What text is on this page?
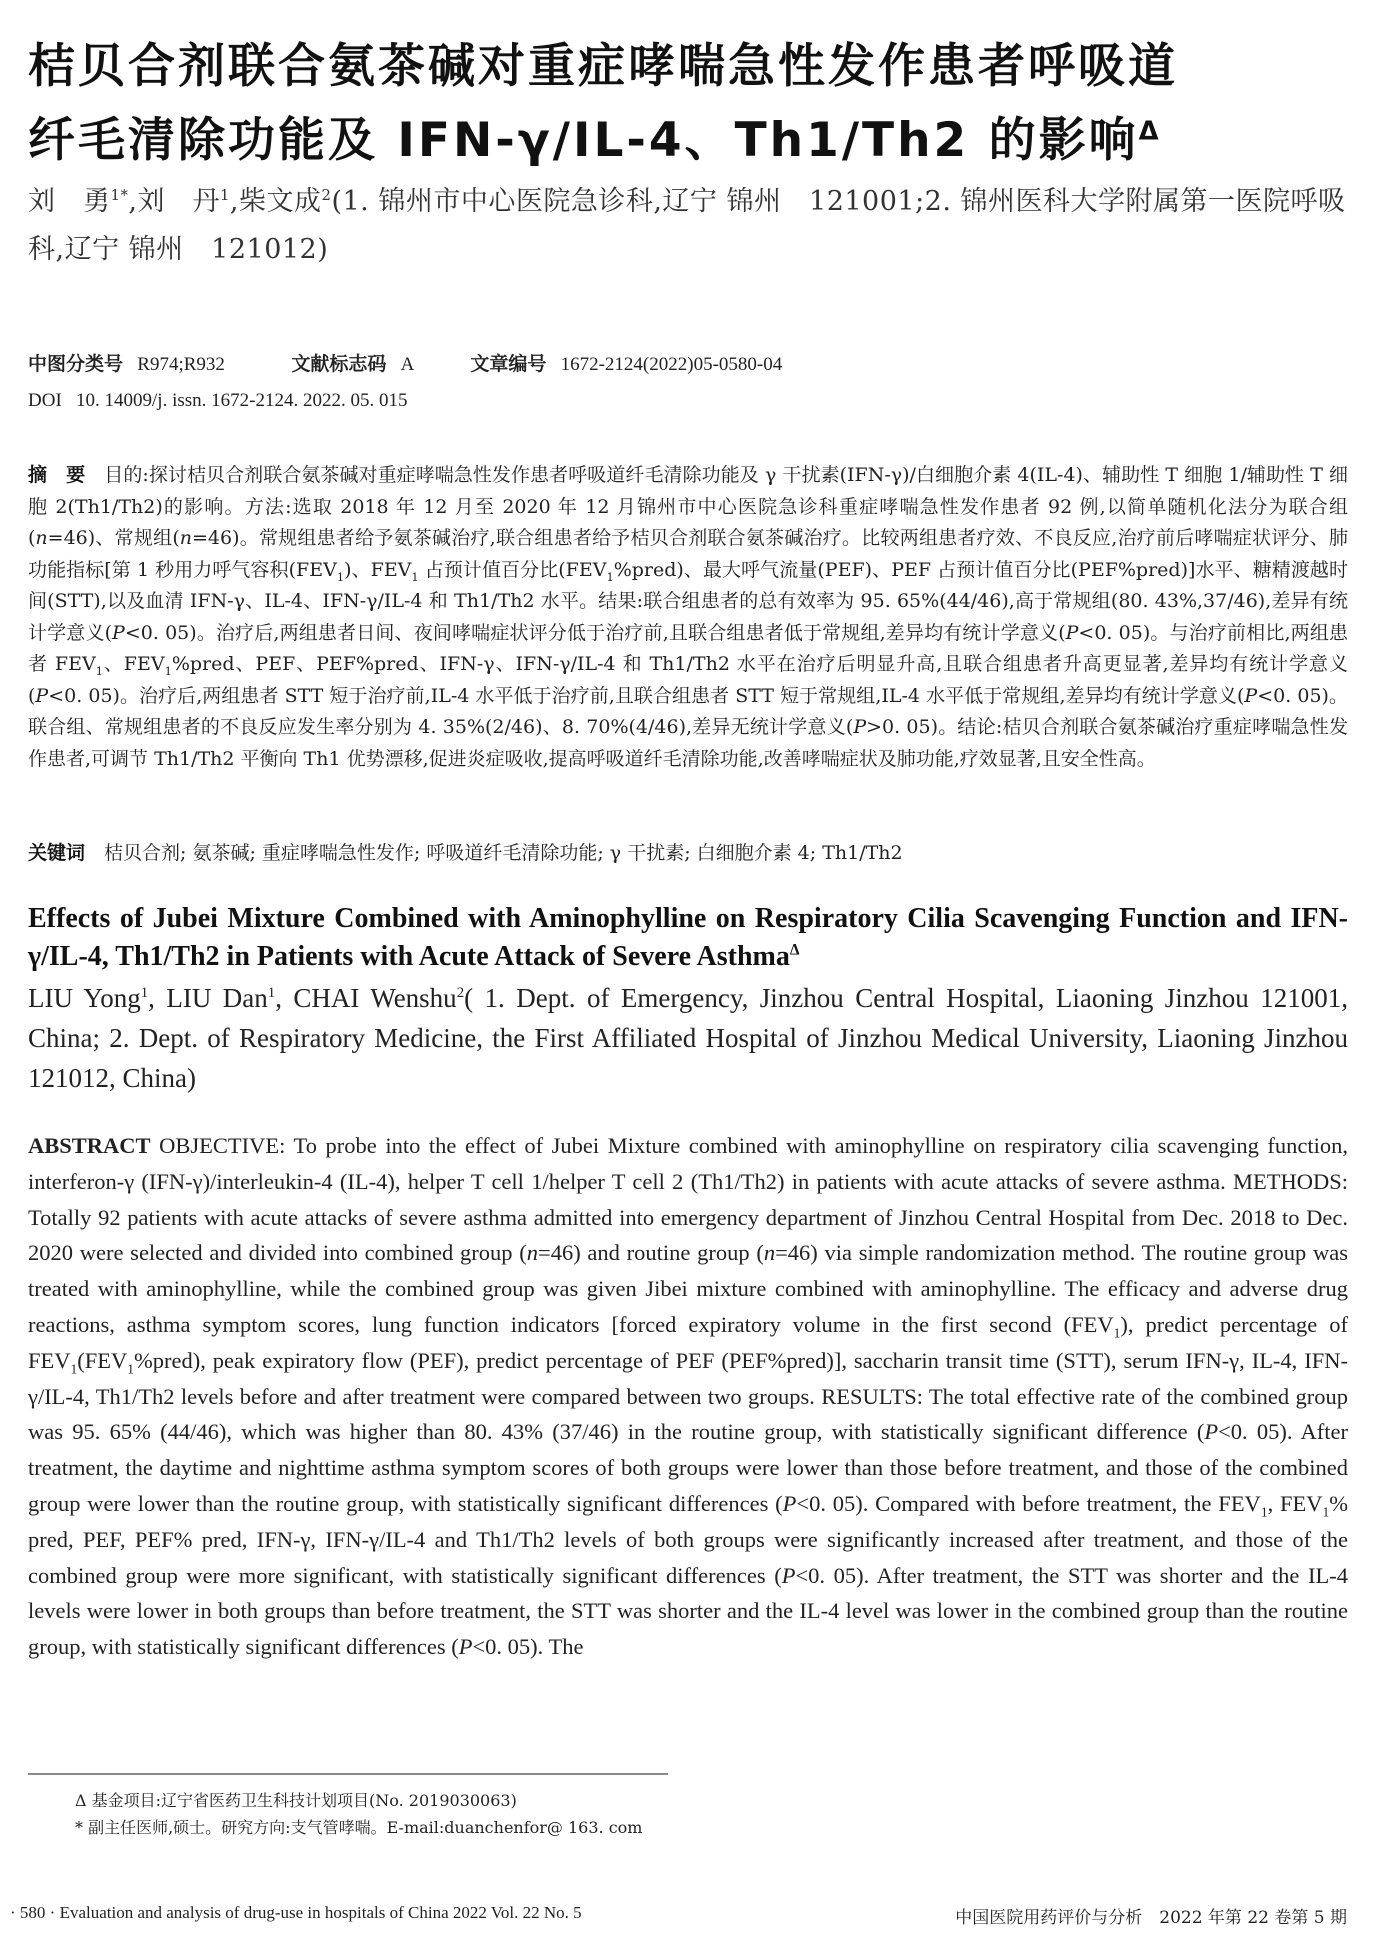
桔贝合剂联合氨茶碱对重症哮喘急性发作患者呼吸道
纤毛清除功能及 IFN-γ/IL-4、Th1/Th2 的影响$^\Delta$
刘　勇$^{1*}$,刘　丹$^1$,柴文成$^2$(1. 锦州市中心医院急诊科,辽宁 锦州　121001;2. 锦州医科大学附属第一医院呼吸科,辽宁 锦州　121012)
中图分类号 R974;R932	文献标志码 A	文章编号 1672-2124(2022)05-0580-04
DOI 10. 14009/j. issn. 1672-2124. 2022. 05. 015
摘　要　 目的:探讨桔贝合剂联合氨茶碱对重症哮喘急性发作患者呼吸道纤毛清除功能及 γ 干扰素(IFN-γ)/白细胞介素 4(IL-4)、辅助性 T 细胞 1/辅助性 T 细胞 2(Th1/Th2)的影响。方法:选取 2018 年 12 月至 2020 年 12 月锦州市中心医院急诊科重症哮喘急性发作患者 92 例,以简单随机化法分为联合组(n=46)、常规组(n=46)。常规组患者给予氨茶碱治疗,联合组患者给予桔贝合剂联合氨茶碱治疗。比较两组患者疗效、不良反应,治疗前后哮喘症状评分、肺功能指标[第 1 秒用力呼气容积$(FEV_1)$、$FEV_1$ 占预计值百分比$(FEV_1\%pred)$、最大呼气流量(PEF)、PEF 占预计值百分比(PEF%pred)]水平、糖精渡越时间(STT),以及血清 IFN-γ、IL-4、IFN-γ/IL-4 和 Th1/Th2 水平。结果:联合组患者的总有效率为 95. 65%(44/46),高于常规组(80. 43%,37/46),差异有统计学意义(P<0. 05)。治疗后,两组患者日间、夜间哮喘症状评分低于治疗前,且联合组患者低于常规组,差异均有统计学意义(P<0. 05)。与治疗前相比,两组患者 $FEV_1$、$FEV_1\%pred$、PEF、PEF%pred、IFN-γ、IFN-γ/IL-4 和 Th1/Th2 水平在治疗后明显升高,且联合组患者升高更显著,差异均有统计学意义(P<0. 05)。治疗后,两组患者 STT 短于治疗前,IL-4 水平低于治疗前,且联合组患者 STT 短于常规组,IL-4 水平低于常规组,差异均有统计学意义(P<0. 05)。联合组、常规组患者的不良反应发生率分别为 4. 35%(2/46)、8. 70%(4/46),差异无统计学意义(P>0. 05)。结论:桔贝合剂联合氨茶碱治疗重症哮喘急性发作患者,可调节 Th1/Th2 平衡向 Th1 优势漂移,促进炎症吸收,提高呼吸道纤毛清除功能,改善哮喘症状及肺功能,疗效显著,且安全性高。
关键词　 桔贝合剂; 氨茶碱; 重症哮喘急性发作; 呼吸道纤毛清除功能; γ 干扰素; 白细胞介素 4; Th1/Th2
Effects of Jubei Mixture Combined with Aminophylline on Respiratory Cilia Scavenging Function and IFN-γ/IL-4, Th1/Th2 in Patients with Acute Attack of Severe Asthma$^\Delta$
LIU Yong$^1$, LIU Dan$^1$, CHAI Wenshu$^2$( 1. Dept. of Emergency, Jinzhou Central Hospital, Liaoning Jinzhou 121001, China; 2. Dept. of Respiratory Medicine, the First Affiliated Hospital of Jinzhou Medical University, Liaoning Jinzhou 121012, China)
ABSTRACT OBJECTIVE: To probe into the effect of Jubei Mixture combined with aminophylline on respiratory cilia scavenging function, interferon-γ (IFN-γ)/interleukin-4 (IL-4), helper T cell 1/helper T cell 2 (Th1/Th2) in patients with acute attacks of severe asthma. METHODS: Totally 92 patients with acute attacks of severe asthma admitted into emergency department of Jinzhou Central Hospital from Dec. 2018 to Dec. 2020 were selected and divided into combined group (n=46) and routine group (n=46) via simple randomization method. The routine group was treated with aminophylline, while the combined group was given Jibei mixture combined with aminophylline. The efficacy and adverse drug reactions, asthma symptom scores, lung function indicators [forced expiratory volume in the first second $(FEV_1)$, predict percentage of $FEV_1(FEV_1\%pred)$, peak expiratory flow (PEF), predict percentage of PEF (PEF%pred)], saccharin transit time (STT), serum IFN-γ, IL-4, IFN-γ/IL-4, Th1/Th2 levels before and after treatment were compared between two groups. RESULTS: The total effective rate of the combined group was 95. 65% (44/46), which was higher than 80. 43% (37/46) in the routine group, with statistically significant difference (P<0. 05). After treatment, the daytime and nighttime asthma symptom scores of both groups were lower than those before treatment, and those of the combined group were lower than the routine group, with statistically significant differences (P<0. 05). Compared with before treatment, the $FEV_1$, $FEV_1\%$ pred, PEF, PEF% pred, IFN-γ, IFN-γ/IL-4 and Th1/Th2 levels of both groups were significantly increased after treatment, and those of the combined group were more significant, with statistically significant differences (P<0. 05). After treatment, the STT was shorter and the IL-4 levels were lower in both groups than before treatment, the STT was shorter and the IL-4 level was lower in the combined group than the routine group, with statistically significant differences (P<0. 05). The
Δ 基金项目:辽宁省医药卫生科技计划项目(No. 2019030063)
* 副主任医师,硕士。研究方向:支气管哮喘。E-mail:duanchenfor@ 163. com
· 580 · Evaluation and analysis of drug-use in hospitals of China 2022 Vol. 22 No. 5	中国医院用药评价与分析　2022 年第 22 卷第 5 期
